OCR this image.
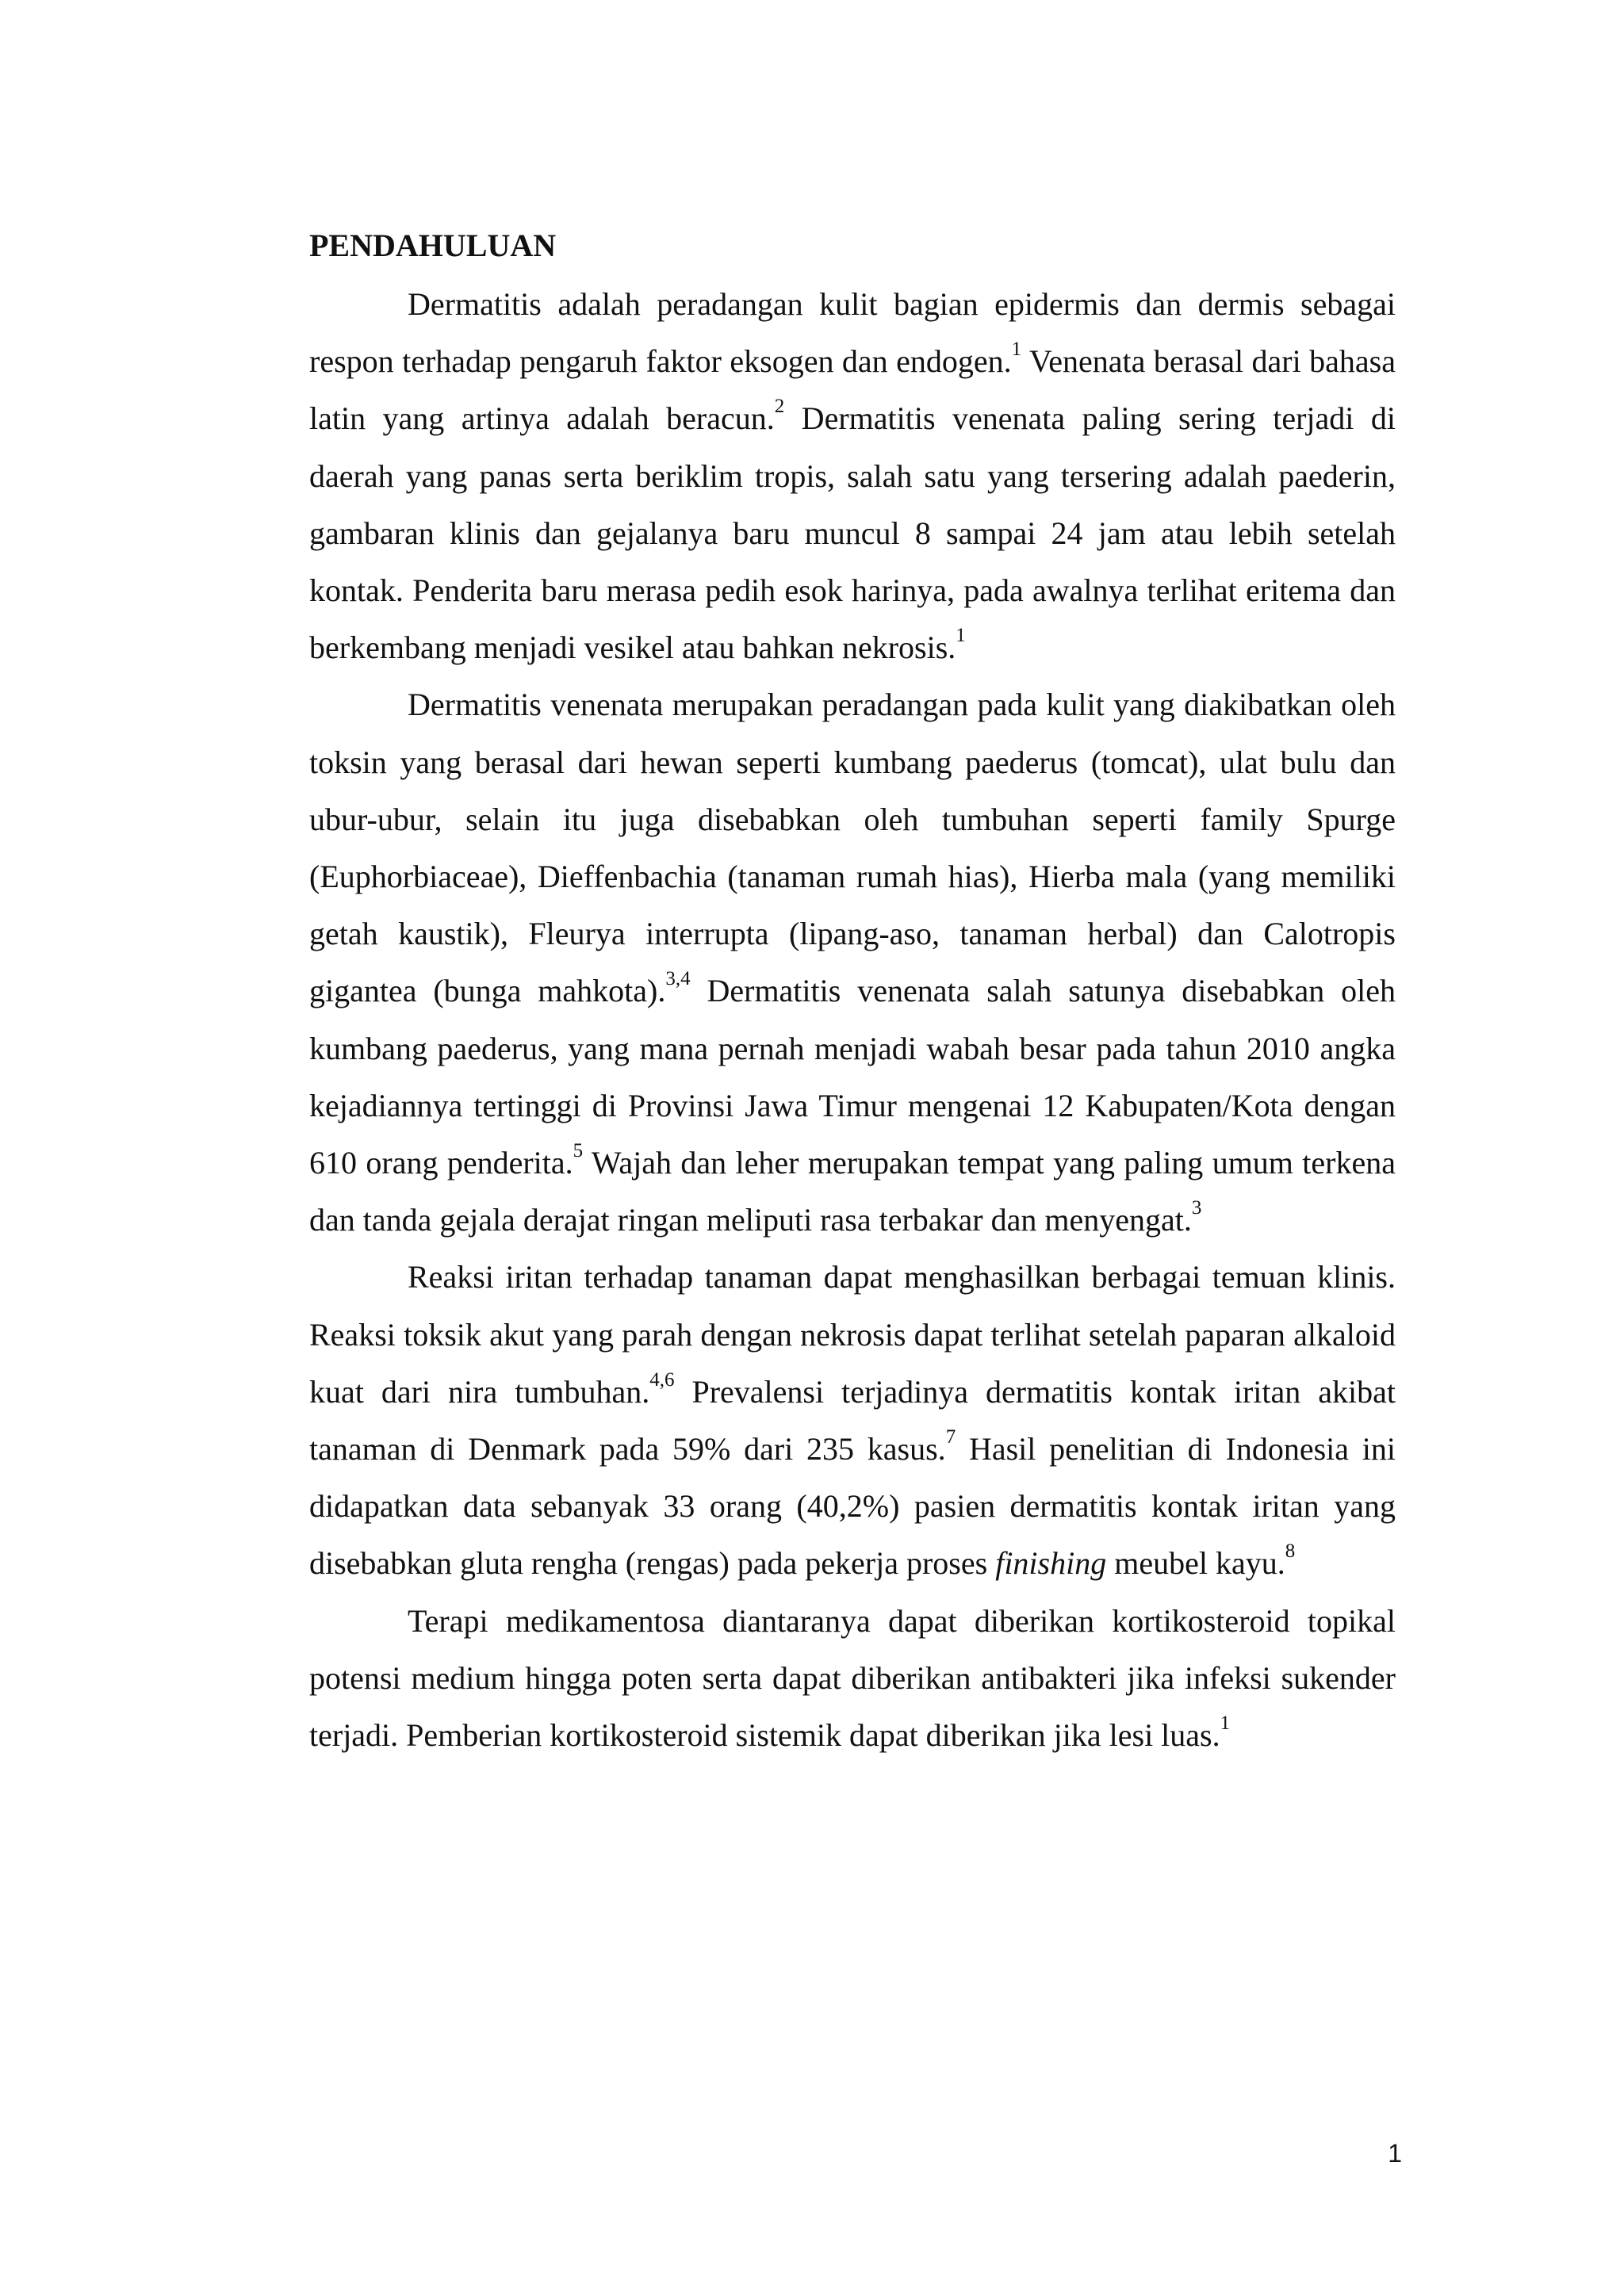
PENDAHULUAN

Dermatitis adalah peradangan kulit bagian epidermis dan dermis sebagai respon terhadap pengaruh faktor eksogen dan endogen.$^1$ Venenata berasal dari bahasa latin yang artinya adalah beracun.$^2$ Dermatitis venenata paling sering terjadi di daerah yang panas serta beriklim tropis, salah satu yang tersering adalah paederin, gambaran klinis dan gejalanya baru muncul 8 sampai 24 jam atau lebih setelah kontak. Penderita baru merasa pedih esok harinya, pada awalnya terlihat eritema dan berkembang menjadi vesikel atau bahkan nekrosis.$^1$

Dermatitis venenata merupakan peradangan pada kulit yang diakibatkan oleh toksin yang berasal dari hewan seperti kumbang paederus (tomcat), ulat bulu dan ubur-ubur, selain itu juga disebabkan oleh tumbuhan seperti family Spurge (Euphorbiaceae), Dieffenbachia (tanaman rumah hias), Hierba mala (yang memiliki getah kaustik), Fleurya interrupta (lipang-aso, tanaman herbal) dan Calotropis gigantea (bunga mahkota).$^{3,4}$ Dermatitis venenata salah satunya disebabkan oleh kumbang paederus, yang mana pernah menjadi wabah besar pada tahun 2010 angka kejadiannya tertinggi di Provinsi Jawa Timur mengenai 12 Kabupaten/Kota dengan 610 orang penderita.$^5$ Wajah dan leher merupakan tempat yang paling umum terkena dan tanda gejala derajat ringan meliputi rasa terbakar dan menyengat.$^3$

Reaksi iritan terhadap tanaman dapat menghasilkan berbagai temuan klinis. Reaksi toksik akut yang parah dengan nekrosis dapat terlihat setelah paparan alkaloid kuat dari nira tumbuhan.$^{4,6}$ Prevalensi terjadinya dermatitis kontak iritan akibat tanaman di Denmark pada 59% dari 235 kasus.$^7$ Hasil penelitian di Indonesia ini didapatkan data sebanyak 33 orang (40,2%) pasien dermatitis kontak iritan yang disebabkan gluta rengha (rengas) pada pekerja proses finishing meubel kayu.$^8$

Terapi medikamentosa diantaranya dapat diberikan kortikosteroid topikal potensi medium hingga poten serta dapat diberikan antibakteri jika infeksi sukender terjadi. Pemberian kortikosteroid sistemik dapat diberikan jika lesi luas.$^1$

1
